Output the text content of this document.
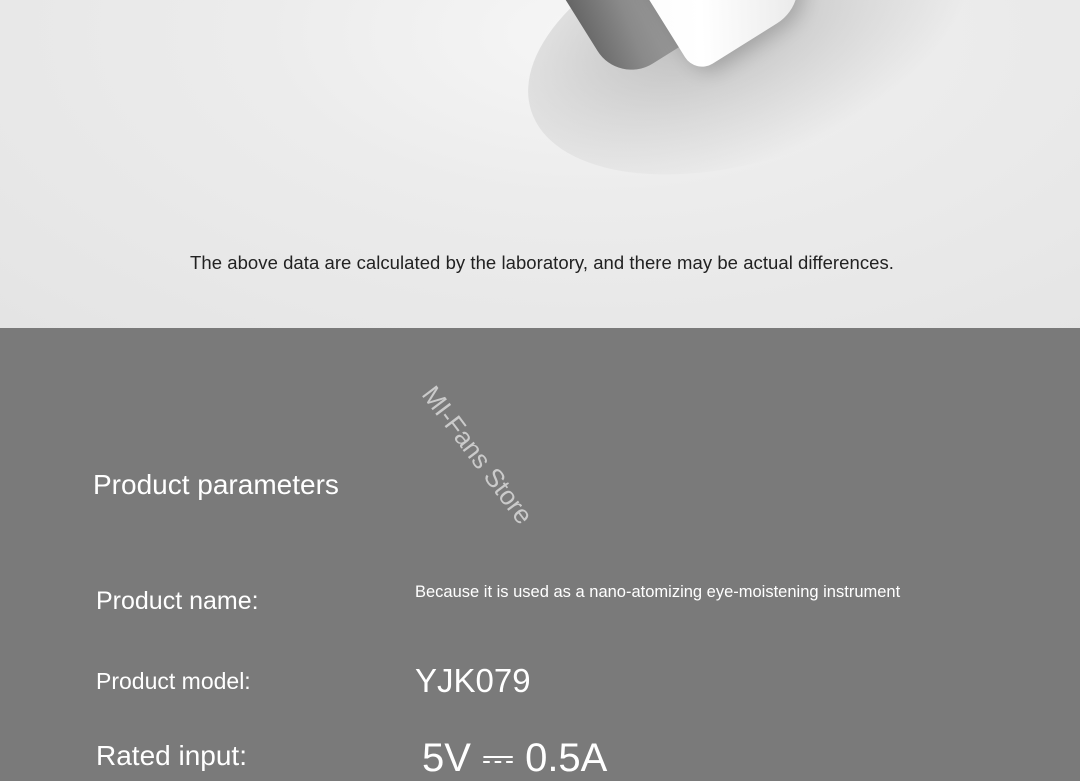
The above data are calculated by the laboratory, and there may be actual differences.
MI-Fans Store
Product parameters
Product name:	Because it is used as a nano-atomizing eye-moistening instrument
Product model:	YJK079
Rated input:	5V ⎓ 0.5A
